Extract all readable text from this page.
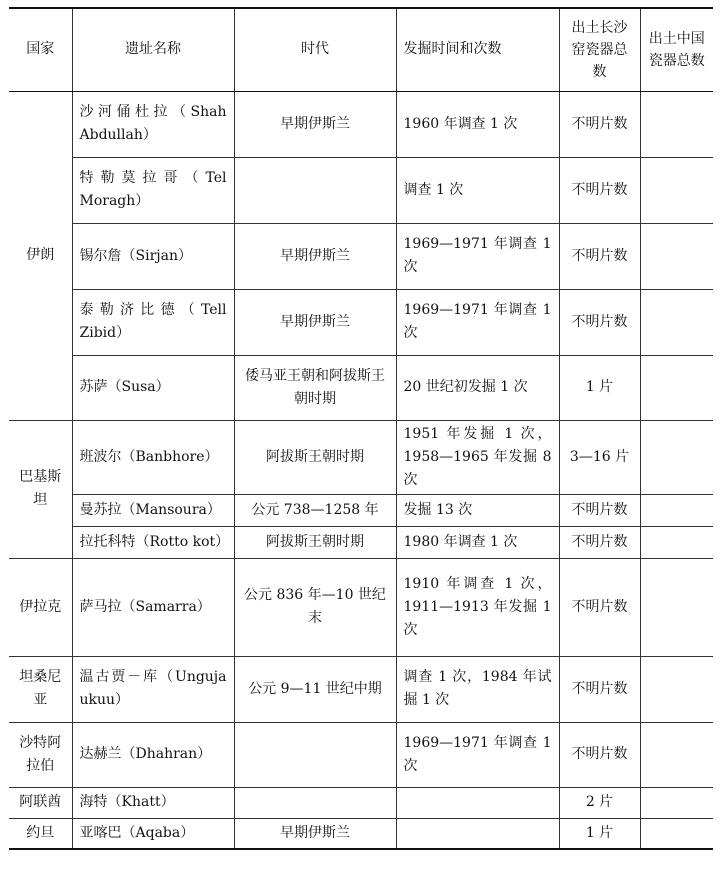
国家	遗址名称	时代	发掘时间和次数	出土长沙窑瓷器总数	出土中国瓷器总数
伊朗	沙河俑杜拉（Shah Abdullah）	早期伊斯兰	1960 年调查 1 次	不明片数	
	特勒莫拉哥（Tel Moragh）		调查 1 次	不明片数	
	锡尔詹（Sirjan）	早期伊斯兰	1969—1971 年调查 1 次	不明片数	
	泰勒济比德（Tell Zibid）	早期伊斯兰	1969—1971 年调查 1 次	不明片数	
	苏萨（Susa）	倭马亚王朝和阿拔斯王朝时期	20 世纪初发掘 1 次	1 片	
巴基斯坦	班波尔（Banbhore）	阿拔斯王朝时期	1951 年发掘 1 次，1958—1965 年发掘 8 次	3—16 片	
	曼苏拉（Mansoura）	公元 738—1258 年	发掘 13 次	不明片数	
	拉托科特（Rotto kot）	阿拔斯王朝时期	1980 年调查 1 次	不明片数	
伊拉克	萨马拉（Samarra）	公元 836 年—10 世纪末	1910 年调查 1 次，1911—1913 年发掘 1 次	不明片数	
坦桑尼亚	温古贾－库（Unguja ukuu）	公元 9—11 世纪中期	调查 1 次，1984 年试掘 1 次	不明片数	
沙特阿拉伯	达赫兰（Dhahran）		1969—1971 年调查 1 次	不明片数	
阿联酋	海特（Khatt）			2 片	
约旦	亚喀巴（Aqaba）	早期伊斯兰		1 片	
